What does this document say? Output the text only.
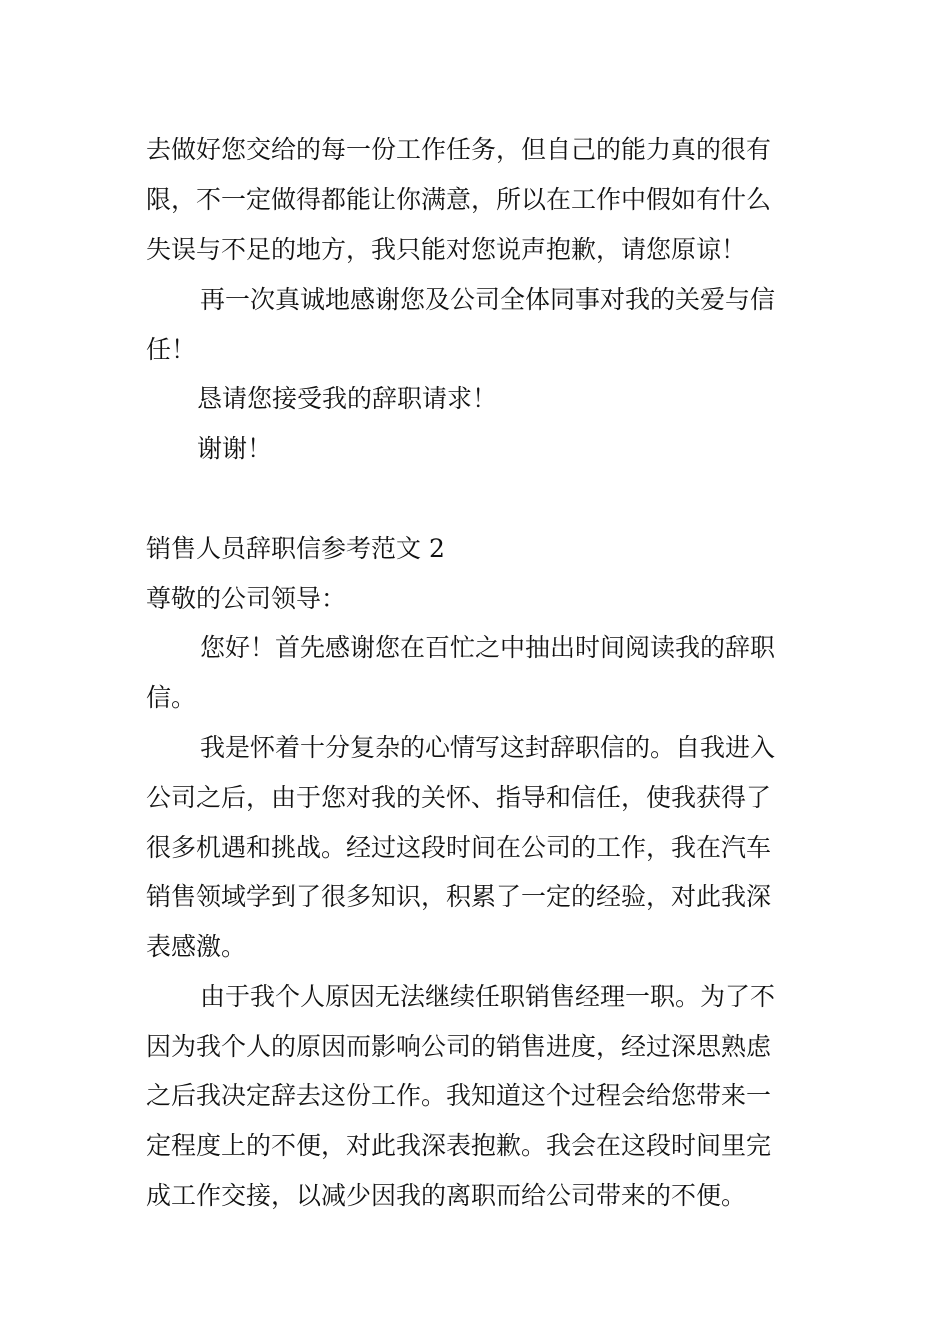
去做好您交给的每一份工作任务，但自己的能力真的很有
限，不一定做得都能让你满意，所以在工作中假如有什么
失误与不足的地方，我只能对您说声抱歉，请您原谅！
再一次真诚地感谢您及公司全体同事对我的关爱与信
任！
恳请您接受我的辞职请求！
谢谢！
销售人员辞职信参考范文 2
尊敬的公司领导：
您好！首先感谢您在百忙之中抽出时间阅读我的辞职
信。
我是怀着十分复杂的心情写这封辞职信的。自我进入
公司之后，由于您对我的关怀、指导和信任，使我获得了
很多机遇和挑战。经过这段时间在公司的工作，我在汽车
销售领域学到了很多知识，积累了一定的经验，对此我深
表感激。
由于我个人原因无法继续任职销售经理一职。为了不
因为我个人的原因而影响公司的销售进度，经过深思熟虑
之后我决定辞去这份工作。我知道这个过程会给您带来一
定程度上的不便，对此我深表抱歉。我会在这段时间里完
成工作交接，以减少因我的离职而给公司带来的不便。
